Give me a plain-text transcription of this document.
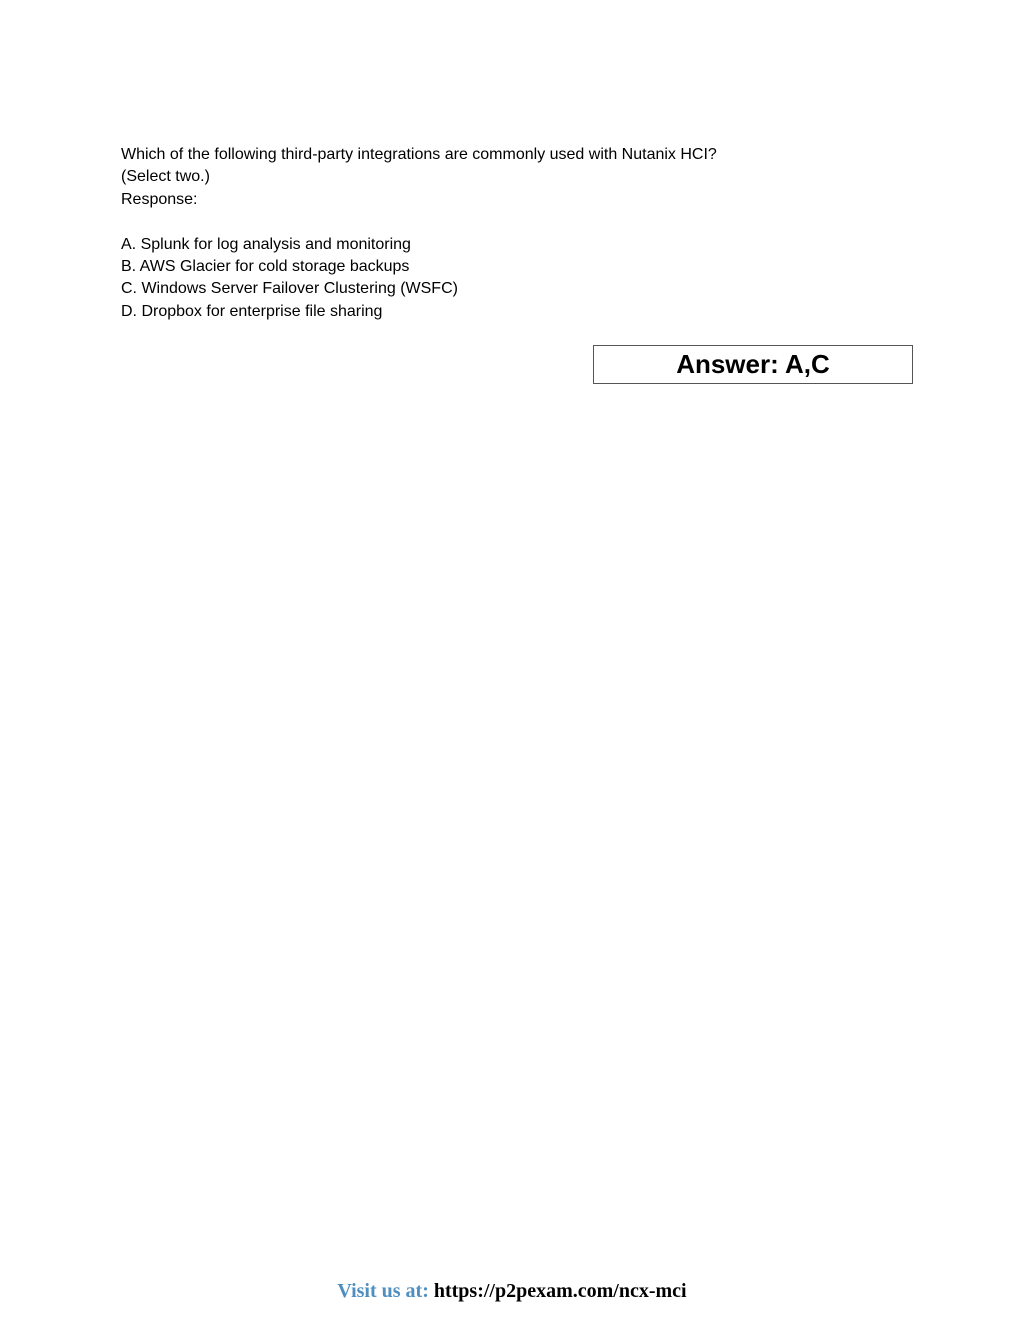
Which of the following third-party integrations are commonly used with Nutanix HCI?
(Select two.)
Response:
A. Splunk for log analysis and monitoring
B. AWS Glacier for cold storage backups
C. Windows Server Failover Clustering (WSFC)
D. Dropbox for enterprise file sharing
Answer: A,C
Visit us at: https://p2pexam.com/ncx-mci
